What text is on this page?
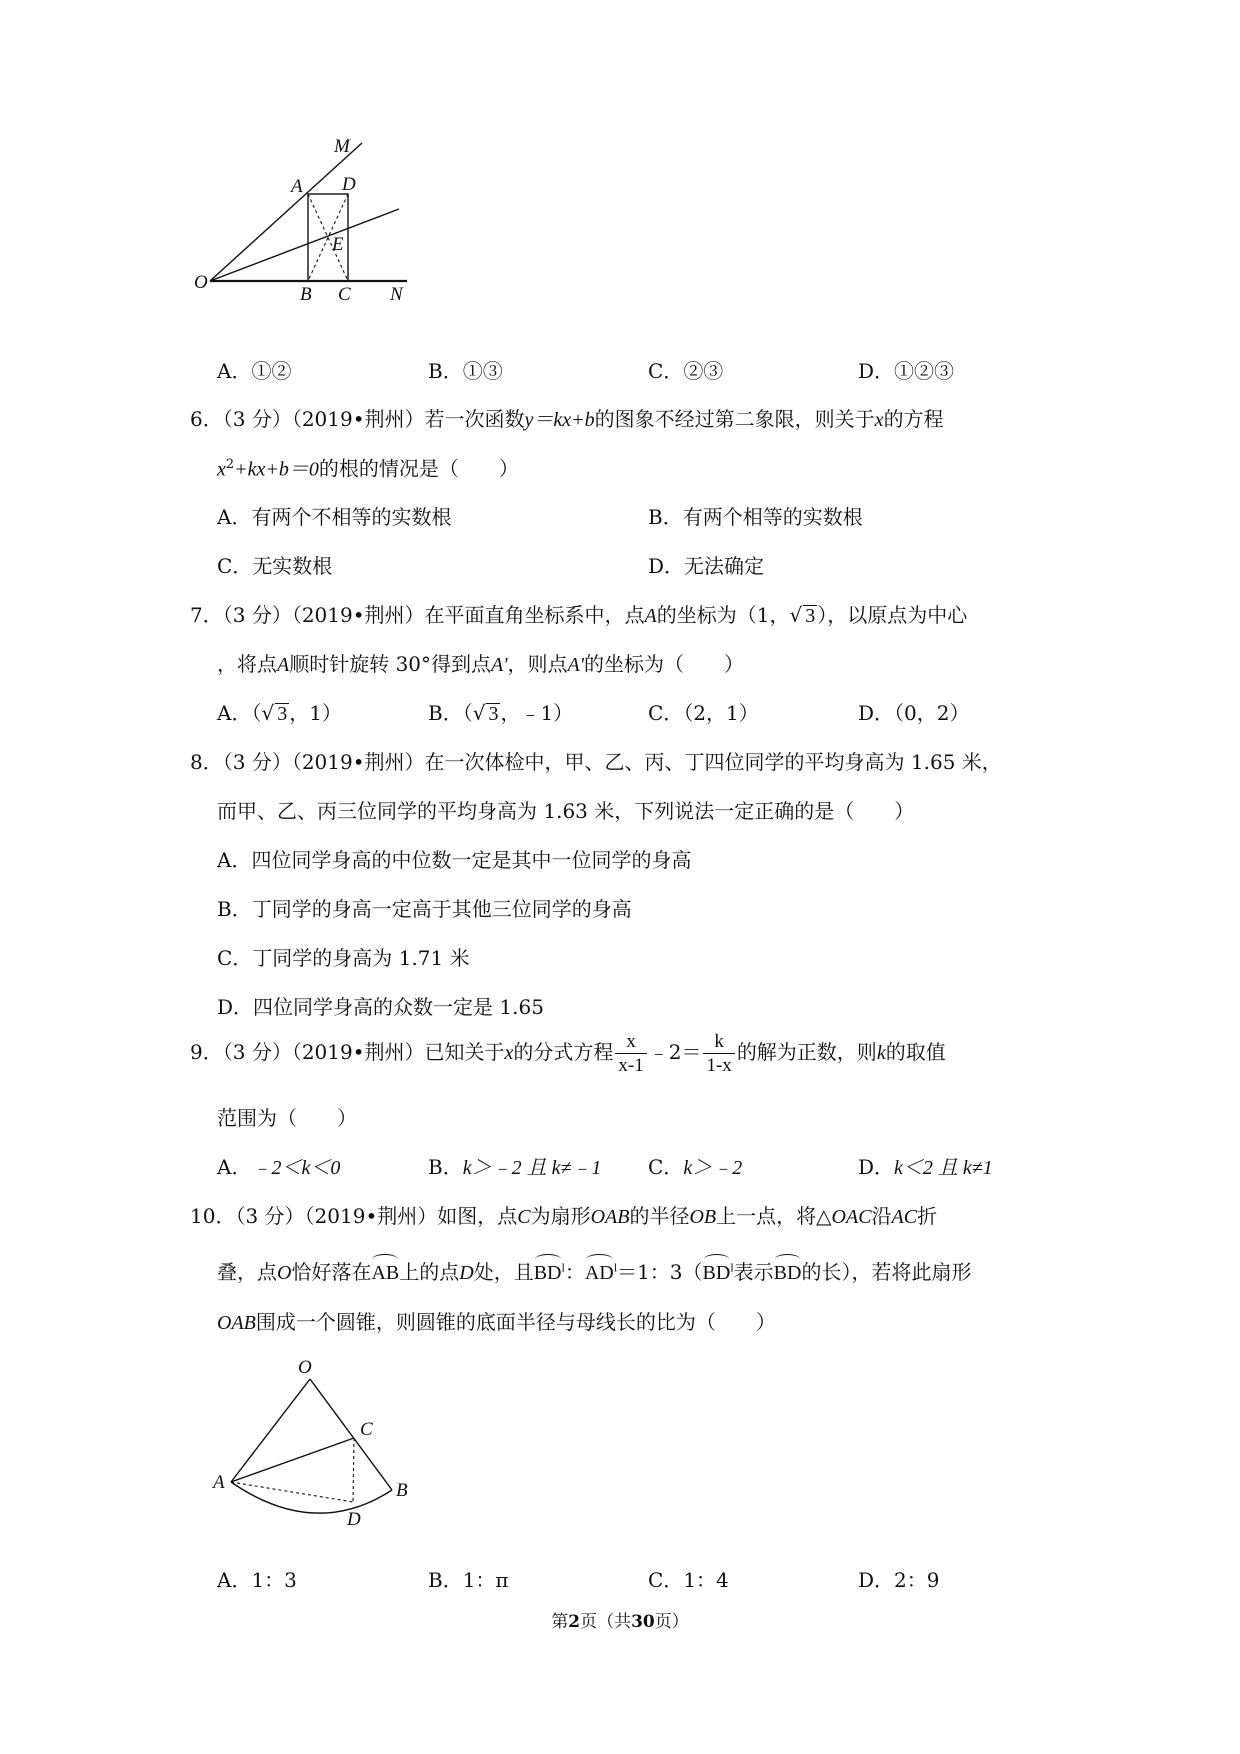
M
A D
E
O
B C N
A．①②	B．①③	C．②③	D．①②③
6．（3 分）（2019•荆州）若一次函数y＝kx+b的图象不经过第二象限，则关于x的方程
$x^2+kx+b=0$的根的情况是（　　）
A．有两个不相等的实数根	B．有两个相等的实数根
C．无实数根	D．无法确定
7．（3 分）（2019•荆州）在平面直角坐标系中，点A的坐标为（1，√ 3 ），以原点为中心
，将点A顺时针旋转 30°得到点A'，则点A'的坐标为（　　）
A．（√ 3 ，1）	B．（√ 3 ，﹣1）	C．（2，1）	D．（0，2）
8．（3 分）（2019•荆州）在一次体检中，甲、乙、丙、丁四位同学的平均身高为 1.65 米，
而甲、乙、丙三位同学的平均身高为 1.63 米，下列说法一定正确的是（　　）
A．四位同学身高的中位数一定是其中一位同学的身高
B．丁同学的身高一定高于其他三位同学的身高
C．丁同学的身高为 1.71 米
D．四位同学身高的众数一定是 1.65
9．（3 分）（2019•荆州）已知关于x的分式方程 $\frac{x}{x-1}$ ﹣2＝ $\frac{k}{1-x}$ 的解为正数，则k的取值
范围为（　　）
A．﹣2＜k＜0	B．k＞﹣2 且 k≠﹣1 C．k＞﹣2	D．k＜2 且 k≠1
10．（3 分）（2019•荆州）如图，点C为扇形OAB的半径OB上一点，将△OAC沿AC折
叠，点O恰好落在AB上的点D处，且$BD^l$：$AD^l=1$：$3(BD^l$表示BD的长），若将此扇形
OAB围成一个圆锥，则圆锥的底面半径与母线长的比为（　　）
O
C
A	B
D
A．1：3	B．1：π	C．1：4	D．2：9
第2页（共30页）
